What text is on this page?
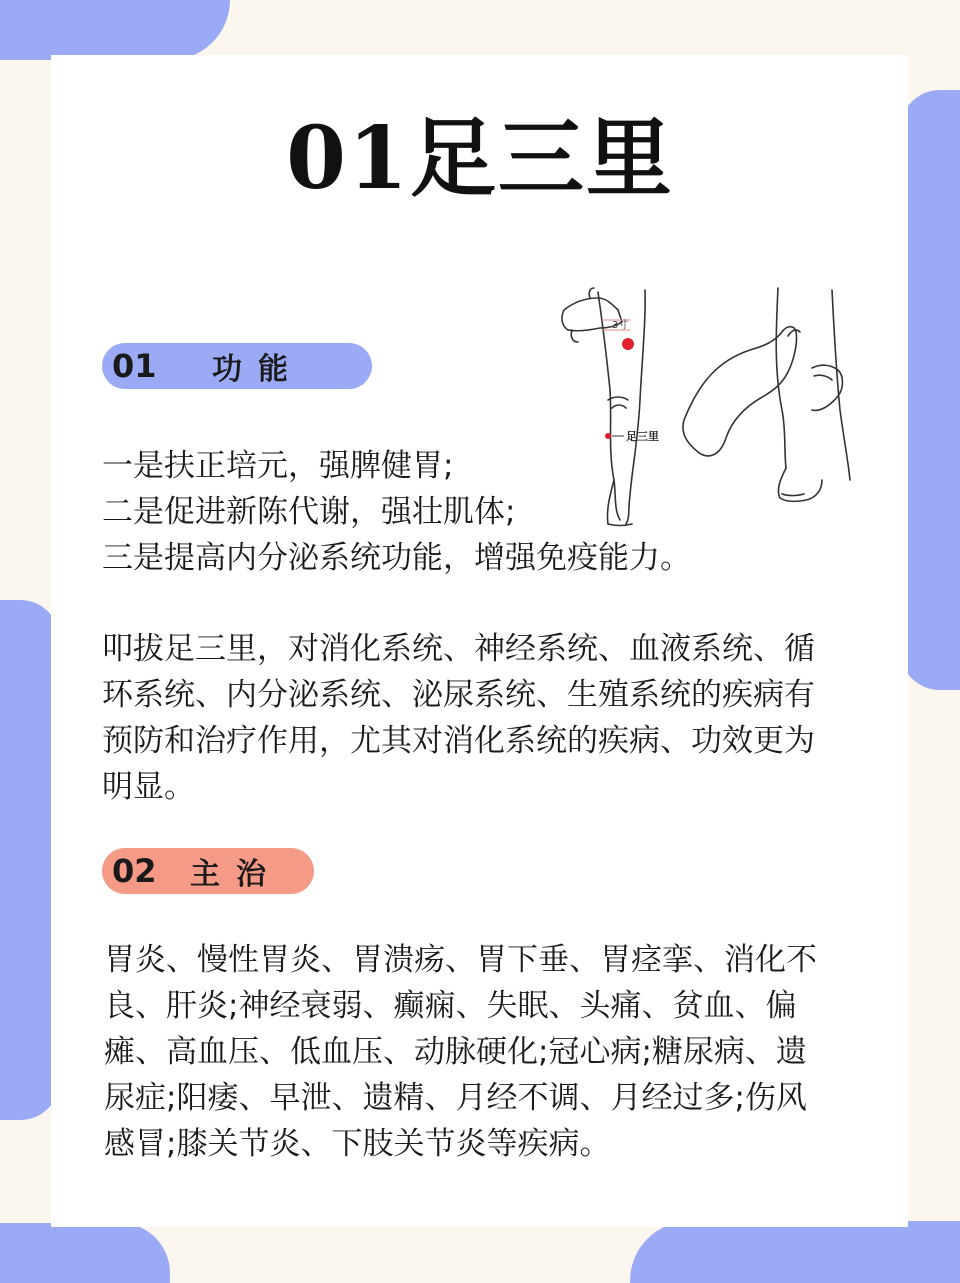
01足三里
3寸
足三里
01	功能
一是扶正培元，强脾健胃;
二是促进新陈代谢，强壮肌体;
三是提高内分泌系统功能，增强免疫能力。
叩拔足三里，对消化系统、神经系统、血液系统、循
环系统、内分泌系统、泌尿系统、生殖系统的疾病有
预防和治疗作用，尤其对消化系统的疾病、功效更为
明显。
02	主治
胃炎、慢性胃炎、胃溃疡、胃下垂、胃痉挛、消化不
良、肝炎;神经衰弱、癫痫、失眠、头痛、贫血、偏
瘫、高血压、低血压、动脉硬化;冠心病;糖尿病、遗
尿症;阳痿、早泄、遗精、月经不调、月经过多;伤风
感冒;膝关节炎、下肢关节炎等疾病。
